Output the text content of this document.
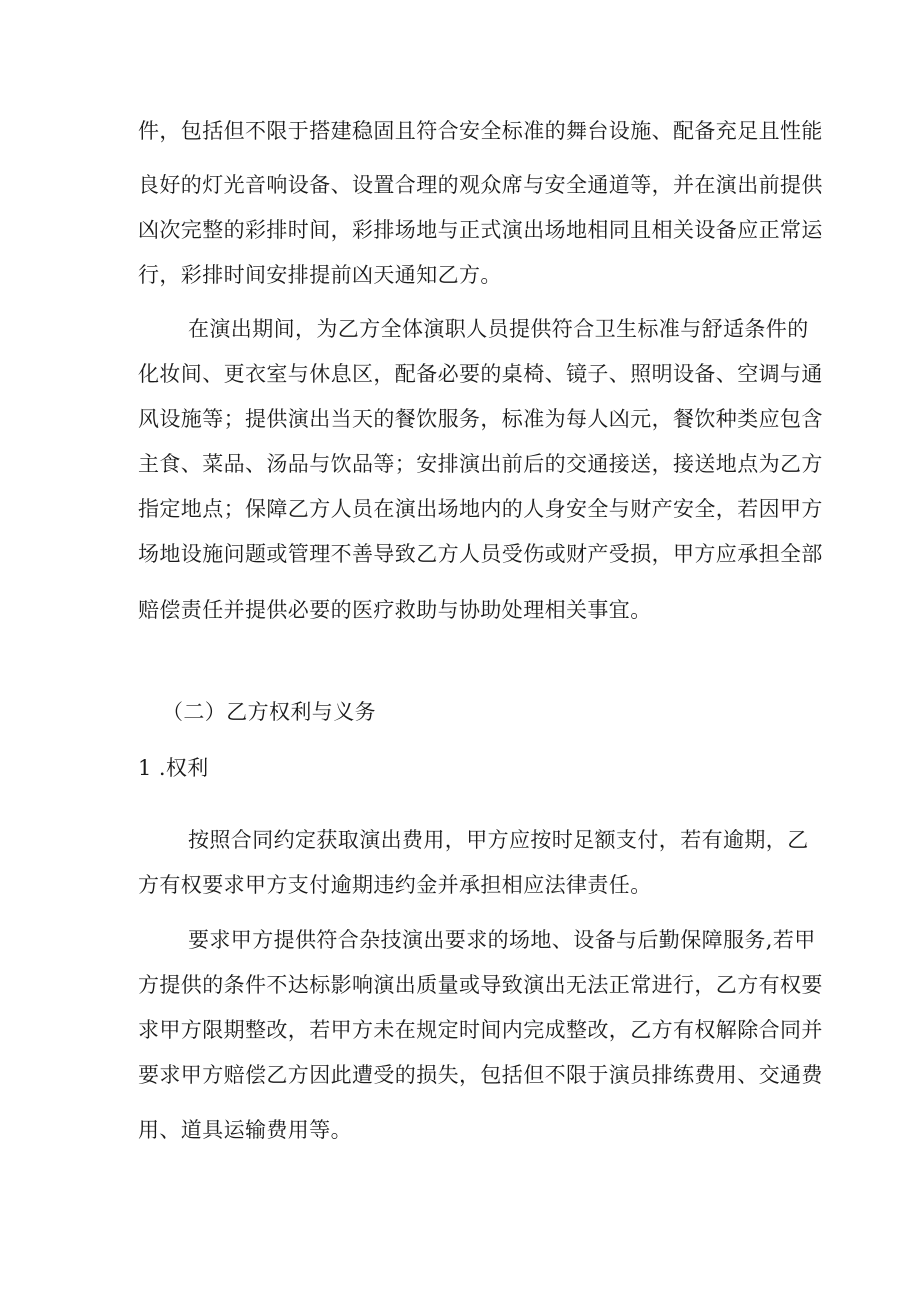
件，包括但不限于搭建稳固且符合安全标准的舞台设施、配备充足且性能
良好的灯光音响设备、设置合理的观众席与安全通道等，并在演出前提供
凶次完整的彩排时间，彩排场地与正式演出场地相同且相关设备应正常运
行，彩排时间安排提前凶天通知乙方。
在演出期间，为乙方全体演职人员提供符合卫生标准与舒适条件的
化妆间、更衣室与休息区，配备必要的桌椅、镜子、照明设备、空调与通
风设施等；提供演出当天的餐饮服务，标准为每人凶元，餐饮种类应包含
主食、菜品、汤品与饮品等；安排演出前后的交通接送，接送地点为乙方
指定地点；保障乙方人员在演出场地内的人身安全与财产安全，若因甲方
场地设施问题或管理不善导致乙方人员受伤或财产受损，甲方应承担全部
赔偿责任并提供必要的医疗救助与协助处理相关事宜。
（二）乙方权利与义务
1 .权利
按照合同约定获取演出费用，甲方应按时足额支付，若有逾期，乙
方有权要求甲方支付逾期违约金并承担相应法律责任。
要求甲方提供符合杂技演出要求的场地、设备与后勤保障服务,若甲
方提供的条件不达标影响演出质量或导致演出无法正常进行，乙方有权要
求甲方限期整改，若甲方未在规定时间内完成整改，乙方有权解除合同并
要求甲方赔偿乙方因此遭受的损失，包括但不限于演员排练费用、交通费
用、道具运输费用等。
